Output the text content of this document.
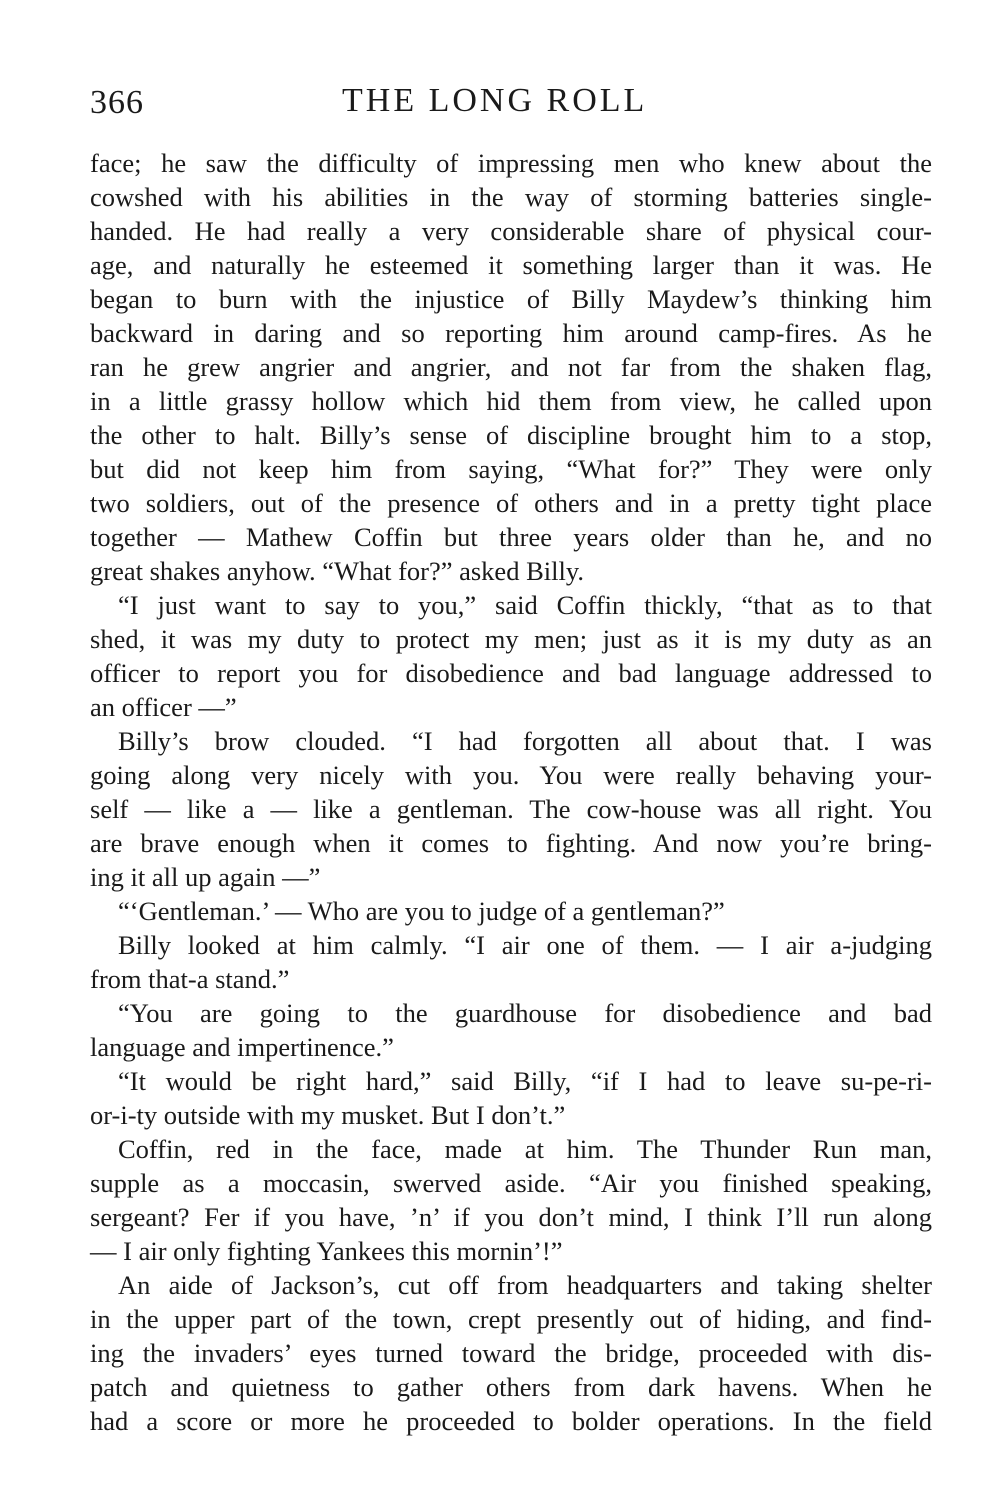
366	THE LONG ROLL
face; he saw the difficulty of impressing men who knew about the
cowshed with his abilities in the way of storming batteries single-
handed. He had really a very considerable share of physical cour-
age, and naturally he esteemed it something larger than it was. He
began to burn with the injustice of Billy Maydew’s thinking him
backward in daring and so reporting him around camp-fires. As he
ran he grew angrier and angrier, and not far from the shaken flag,
in a little grassy hollow which hid them from view, he called upon
the other to halt. Billy’s sense of discipline brought him to a stop,
but did not keep him from saying, “What for?” They were only
two soldiers, out of the presence of others and in a pretty tight place
together — Mathew Coffin but three years older than he, and no
great shakes anyhow. “What for?” asked Billy.
“I just want to say to you,” said Coffin thickly, “that as to that
shed, it was my duty to protect my men; just as it is my duty as an
officer to report you for disobedience and bad language addressed to
an officer —”
Billy’s brow clouded. “I had forgotten all about that. I was
going along very nicely with you. You were really behaving your-
self — like a — like a gentleman. The cow-house was all right. You
are brave enough when it comes to fighting. And now you’re bring-
ing it all up again —”
“‘Gentleman.’ — Who are you to judge of a gentleman?”
Billy looked at him calmly. “I air one of them. — I air a-judging
from that-a stand.”
“You are going to the guardhouse for disobedience and bad
language and impertinence.”
“It would be right hard,” said Billy, “if I had to leave su-pe-ri-
or-i-ty outside with my musket. But I don’t.”
Coffin, red in the face, made at him. The Thunder Run man,
supple as a moccasin, swerved aside. “Air you finished speaking,
sergeant? Fer if you have, ’n’ if you don’t mind, I think I’ll run along
— I air only fighting Yankees this mornin’!”
An aide of Jackson’s, cut off from headquarters and taking shelter
in the upper part of the town, crept presently out of hiding, and find-
ing the invaders’ eyes turned toward the bridge, proceeded with dis-
patch and quietness to gather others from dark havens. When he
had a score or more he proceeded to bolder operations. In the field
